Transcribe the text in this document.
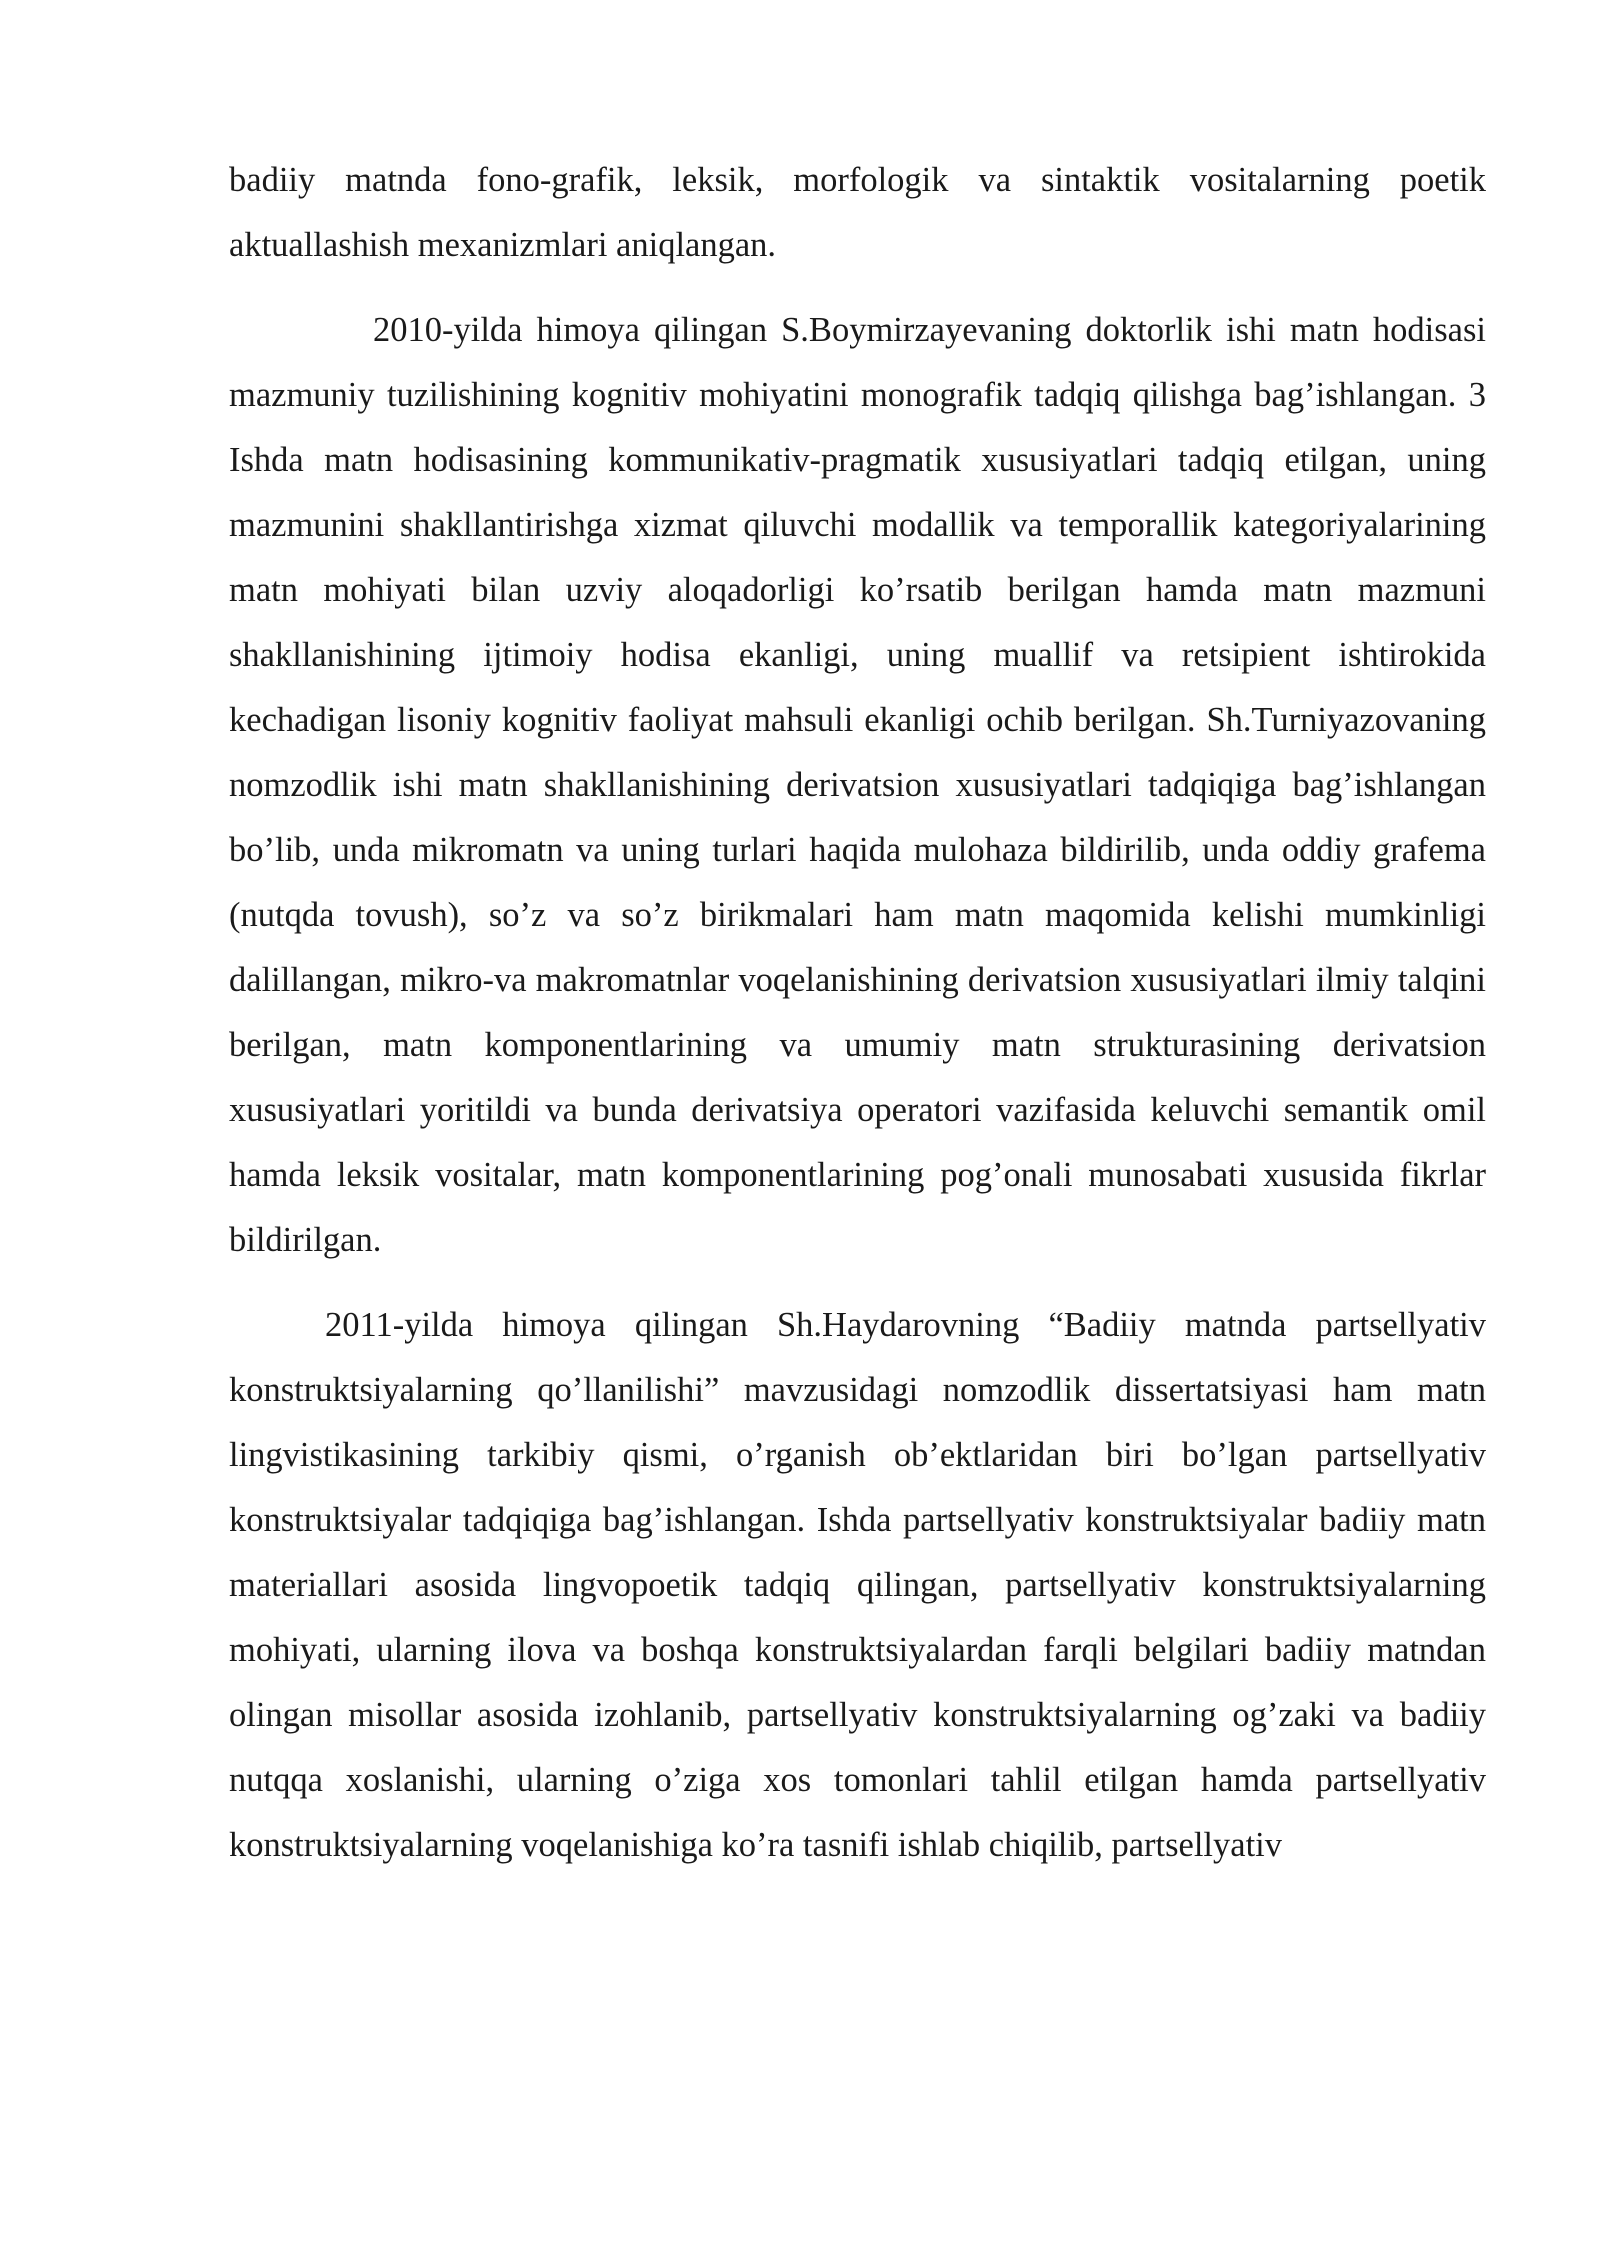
badiiy matnda fono-grafik, leksik, morfologik va sintaktik vositalarning poetik aktuallashish mexanizmlari aniqlangan.

2010-yilda himoya qilingan S.Boymirzayevaning doktorlik ishi matn hodisasi mazmuniy tuzilishining kognitiv mohiyatini monografik tadqiq qilishga bag’ishlangan. 3 Ishda matn hodisasining kommunikativ-pragmatik xususiyatlari tadqiq etilgan, uning mazmunini shakllantirishga xizmat qiluvchi modallik va temporallik kategoriyalarining matn mohiyati bilan uzviy aloqadorligi ko’rsatib berilgan hamda matn mazmuni shakllanishining ijtimoiy hodisa ekanligi, uning muallif va retsipient ishtirokida kechadigan lisoniy kognitiv faoliyat mahsuli ekanligi ochib berilgan. Sh.Turniyazovaning nomzodlik ishi matn shakllanishining derivatsion xususiyatlari tadqiqiga bag’ishlangan bo’lib, unda mikromatn va uning turlari haqida mulohaza bildirilib, unda oddiy grafema (nutqda tovush), so’z va so’z birikmalari ham matn maqomida kelishi mumkinligi dalillangan, mikro-va makromatnlar voqelanishining derivatsion xususiyatlari ilmiy talqini berilgan, matn komponentlarining va umumiy matn strukturasining derivatsion xususiyatlari yoritildi va bunda derivatsiya operatori vazifasida keluvchi semantik omil hamda leksik vositalar, matn komponentlarining pog’onali munosabati xususida fikrlar bildirilgan.

2011-yilda himoya qilingan Sh.Haydarovning “Badiiy matnda partsellyativ konstruktsiyalarning qo’llanilishi” mavzusidagi nomzodlik dissertatsiyasi ham matn lingvistikasining tarkibiy qismi, o’rganish ob’ektlaridan biri bo’lgan partsellyativ konstruktsiyalar tadqiqiga bag’ishlangan. Ishda partsellyativ konstruktsiyalar badiiy matn materiallari asosida lingvopoetik tadqiq qilingan, partsellyativ konstruktsiyalarning mohiyati, ularning ilova va boshqa konstruktsiyalardan farqli belgilari badiiy matndan olingan misollar asosida izohlanib, partsellyativ konstruktsiyalarning og’zaki va badiiy nutqqa xoslanishi, ularning o’ziga xos tomonlari tahlil etilgan hamda partsellyativ konstruktsiyalarning voqelanishiga ko’ra tasnifi ishlab chiqilib, partsellyativ
